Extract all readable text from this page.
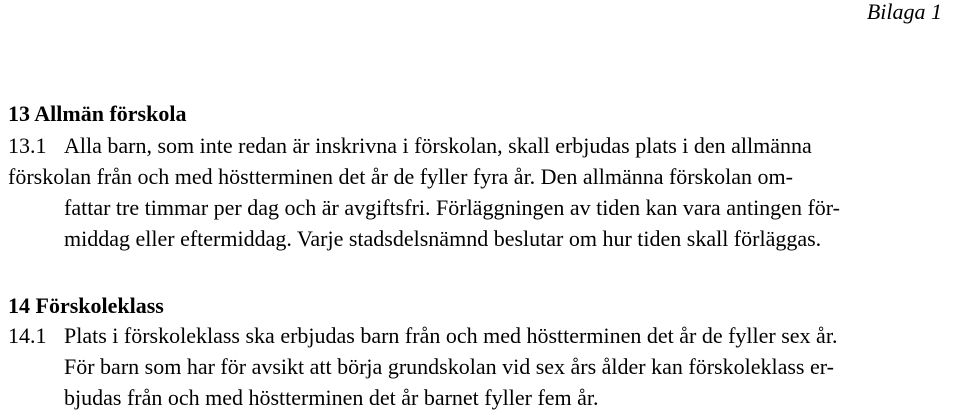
Bilaga 1
13 Allmän förskola
13.1 Alla barn, som inte redan är inskrivna i förskolan, skall erbjudas plats i den allmänna
förskolan från och med höstterminen det år de fyller fyra år. Den allmänna förskolan om-
fattar tre timmar per dag och är avgiftsfri. Förläggningen av tiden kan vara antingen för-
middag eller eftermiddag. Varje stadsdelsnämnd beslutar om hur tiden skall förläggas.
14 Förskoleklass
14.1 Plats i förskoleklass ska erbjudas barn från och med höstterminen det år de fyller sex år.
För barn som har för avsikt att börja grundskolan vid sex års ålder kan förskoleklass er-
bjudas från och med höstterminen det år barnet fyller fem år.
